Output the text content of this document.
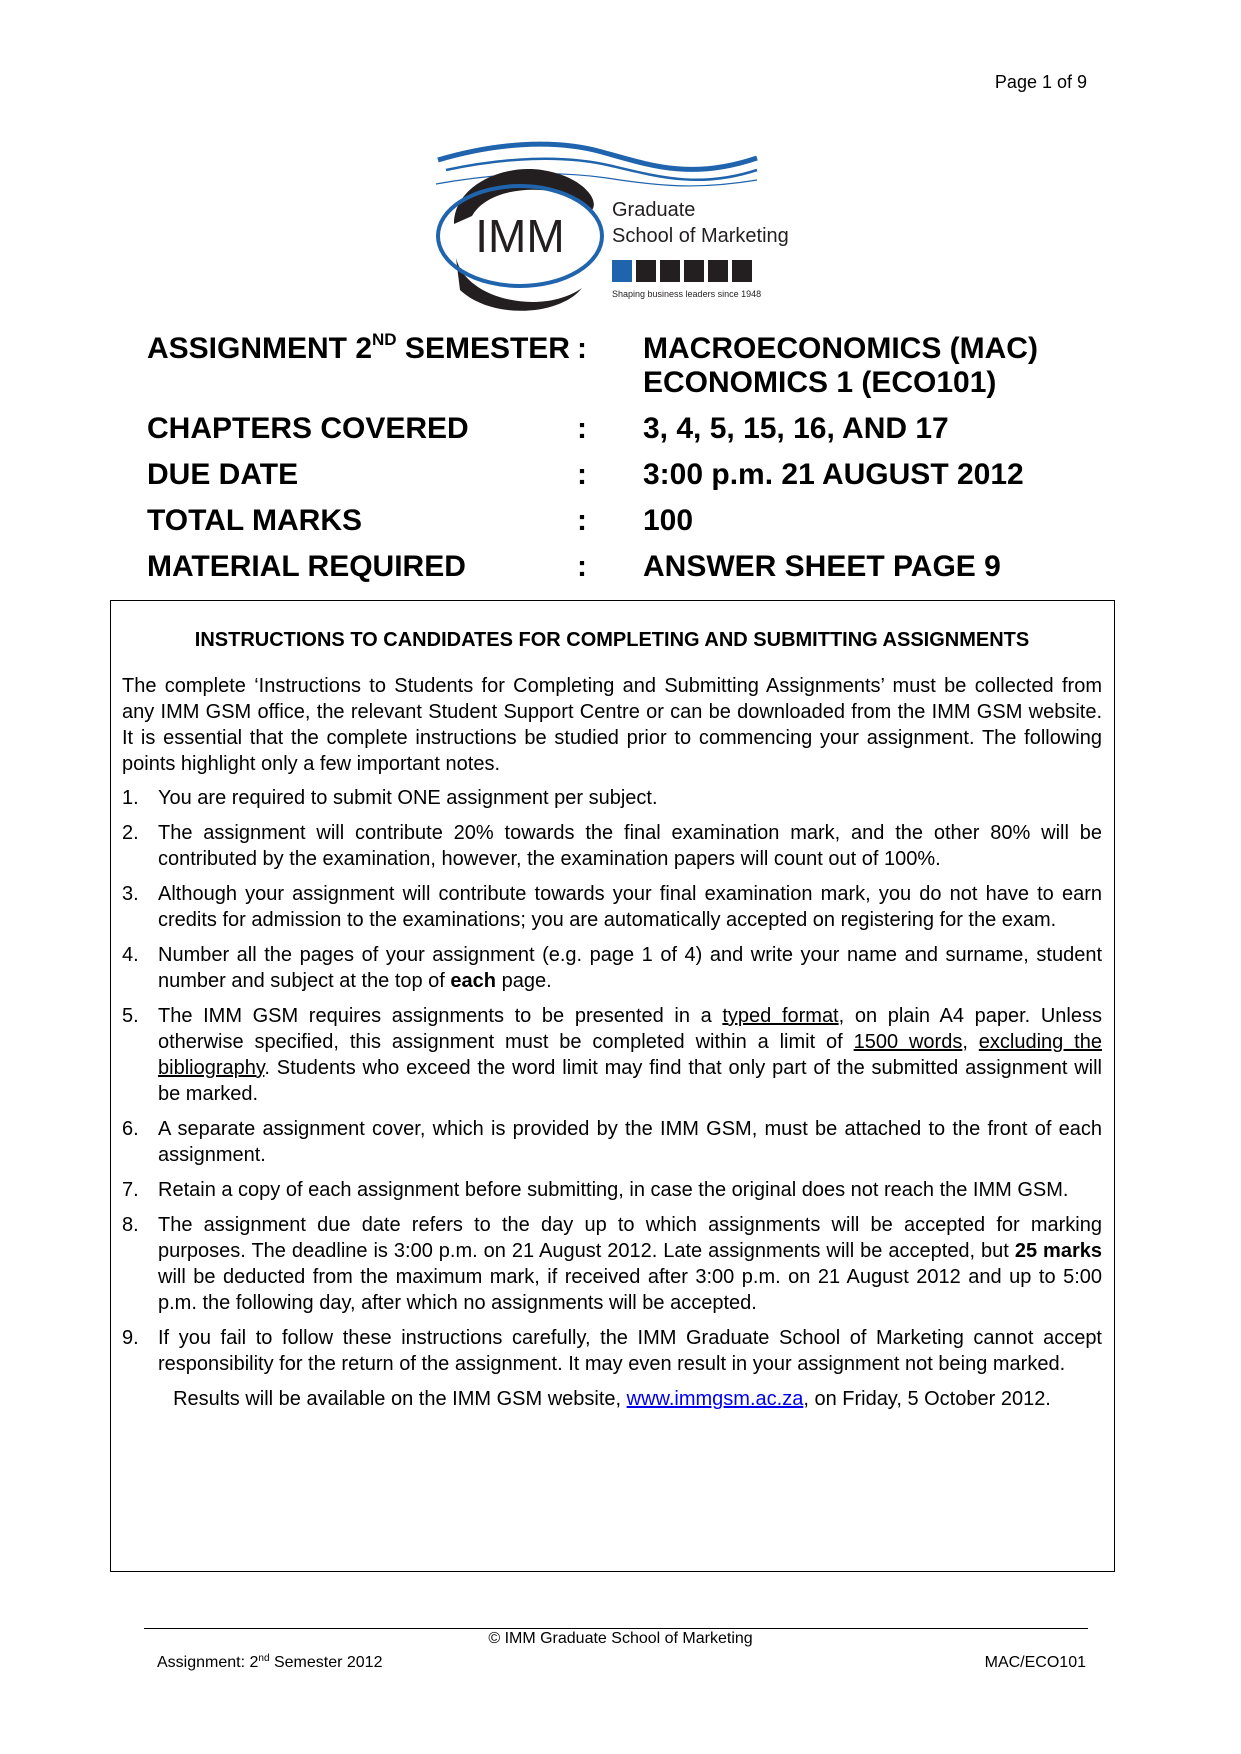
Page 1 of 9
IMM Graduate
School of Marketing
Shaping business leaders since 1948
ASSIGNMENT 2ND SEMESTER :	MACROECONOMICS (MAC)
ECONOMICS 1 (ECO101)
CHAPTERS COVERED	:	3, 4, 5, 15, 16, AND 17
DUE DATE	:	3:00 p.m. 21 AUGUST 2012
TOTAL MARKS	:	100
MATERIAL REQUIRED	:	ANSWER SHEET PAGE 9
INSTRUCTIONS TO CANDIDATES FOR COMPLETING AND SUBMITTING ASSIGNMENTS

The complete ‘Instructions to Students for Completing and Submitting Assignments’ must be collected from any IMM GSM office, the relevant Student Support Centre or can be downloaded from the IMM GSM website. It is essential that the complete instructions be studied prior to commencing your assignment. The following points highlight only a few important notes.

1. You are required to submit ONE assignment per subject.
2. The assignment will contribute 20% towards the final examination mark, and the other 80% will be contributed by the examination, however, the examination papers will count out of 100%.
3. Although your assignment will contribute towards your final examination mark, you do not have to earn credits for admission to the examinations; you are automatically accepted on registering for the exam.
4. Number all the pages of your assignment (e.g. page 1 of 4) and write your name and surname, student number and subject at the top of each page.
5. The IMM GSM requires assignments to be presented in a typed format, on plain A4 paper. Unless otherwise specified, this assignment must be completed within a limit of 1500 words, excluding the bibliography. Students who exceed the word limit may find that only part of the submitted assignment will be marked.
6. A separate assignment cover, which is provided by the IMM GSM, must be attached to the front of each assignment.
7. Retain a copy of each assignment before submitting, in case the original does not reach the IMM GSM.
8. The assignment due date refers to the day up to which assignments will be accepted for marking purposes. The deadline is 3:00 p.m. on 21 August 2012. Late assignments will be accepted, but 25 marks will be deducted from the maximum mark, if received after 3:00 p.m. on 21 August 2012 and up to 5:00 p.m. the following day, after which no assignments will be accepted.
9. If you fail to follow these instructions carefully, the IMM Graduate School of Marketing cannot accept responsibility for the return of the assignment. It may even result in your assignment not being marked.
Results will be available on the IMM GSM website, www.immgsm.ac.za, on Friday, 5 October 2012.
© IMM Graduate School of Marketing
Assignment: 2nd Semester 2012	MAC/ECO101
